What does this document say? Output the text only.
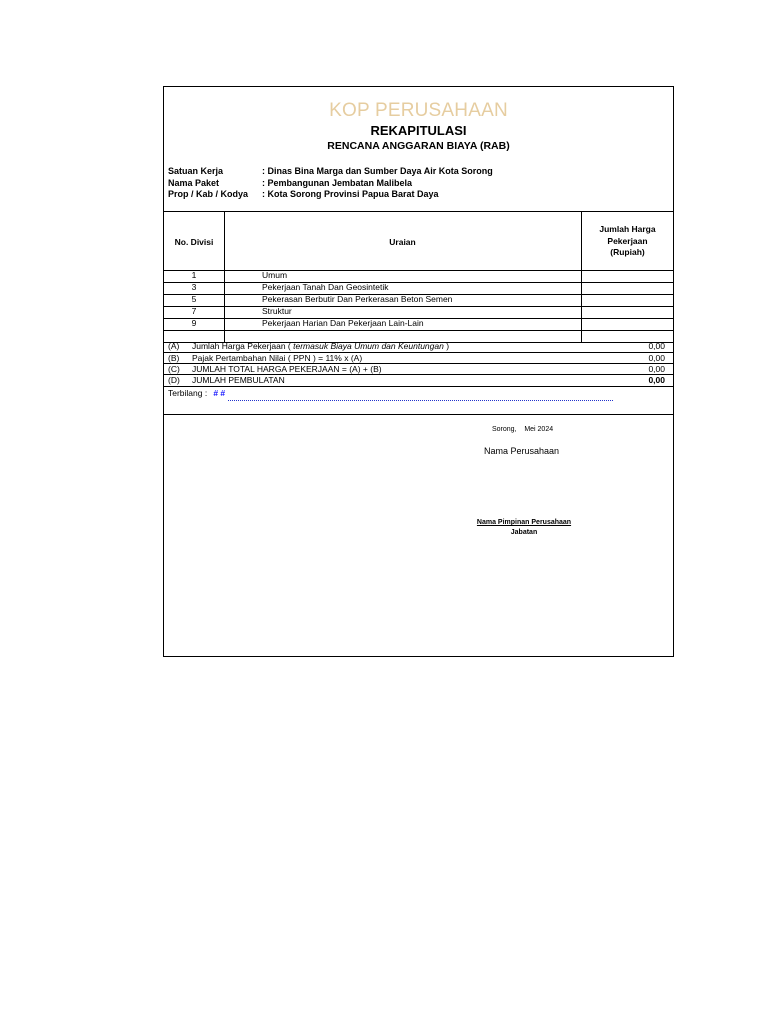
KOP PERUSAHAAN
REKAPITULASI
RENCANA ANGGARAN BIAYA (RAB)
Satuan Kerja	: Dinas Bina Marga dan Sumber Daya Air Kota Sorong
Nama Paket	: Pembangunan Jembatan Malibela
Prop / Kab / Kodya : Kota Sorong Provinsi Papua Barat Daya
No. Divisi	Uraian
Jumlah Harga
Pekerjaan
(Rupiah)
1	Umum
3	Pekerjaan Tanah Dan Geosintetik
5	Pekerasan Berbutir Dan Perkerasan Beton Semen
7	Struktur
9	Pekerjaan Harian Dan Pekerjaan Lain-Lain
(A) Jumlah Harga Pekerjaan ( termasuk Biaya Umum dan Keuntungan )	0,00
(B) Pajak Pertambahan Nilai ( PPN ) = 11% x (A)	0,00
(C) JUMLAH TOTAL HARGA PEKERJAAN = (A) + (B)	0,00
(D) JUMLAH PEMBULATAN	0,00
Terbilang : # #
Sorong, Mei 2024
Nama Perusahaan
Nama Pimpinan Perusahaan
Jabatan
